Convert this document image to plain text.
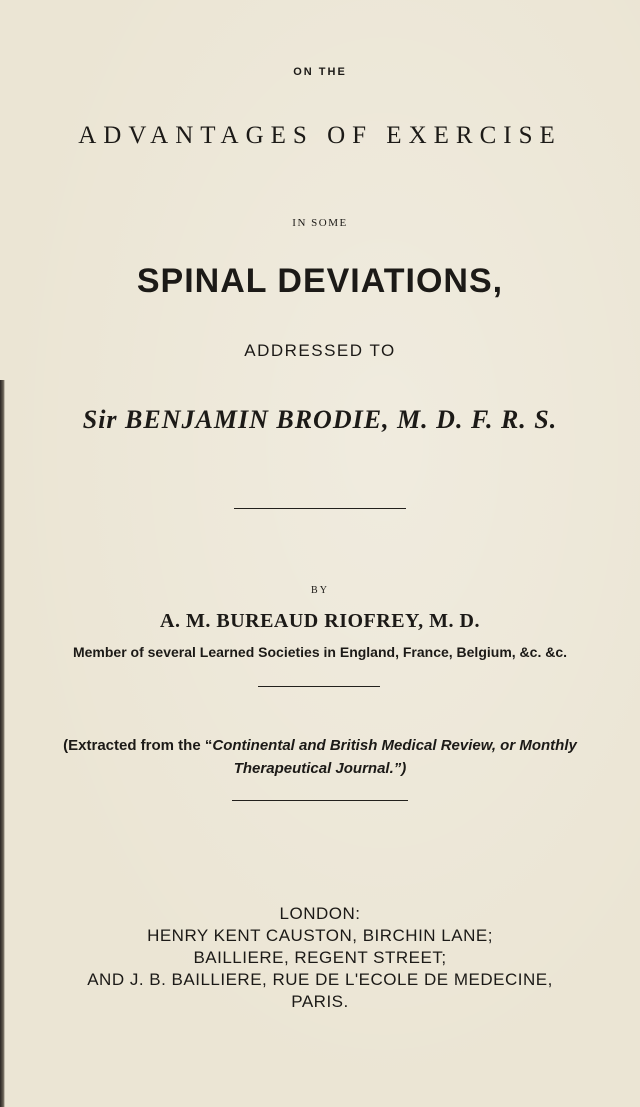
ON THE
ADVANTAGES OF EXERCISE
IN SOME
SPINAL DEVIATIONS,
ADDRESSED TO
Sir BENJAMIN BRODIE, M. D. F. R. S.
BY
A. M. BUREAUD RIOFREY, M. D.
Member of several Learned Societies in England, France, Belgium, &c. &c.
(Extracted from the “Continental and British Medical Review, or Monthly
Therapeutical Journal.”)
LONDON:
HENRY KENT CAUSTON, BIRCHIN LANE;
BAILLIERE, REGENT STREET;
AND J. B. BAILLIERE, RUE DE L'ECOLE DE MEDECINE,
PARIS.
